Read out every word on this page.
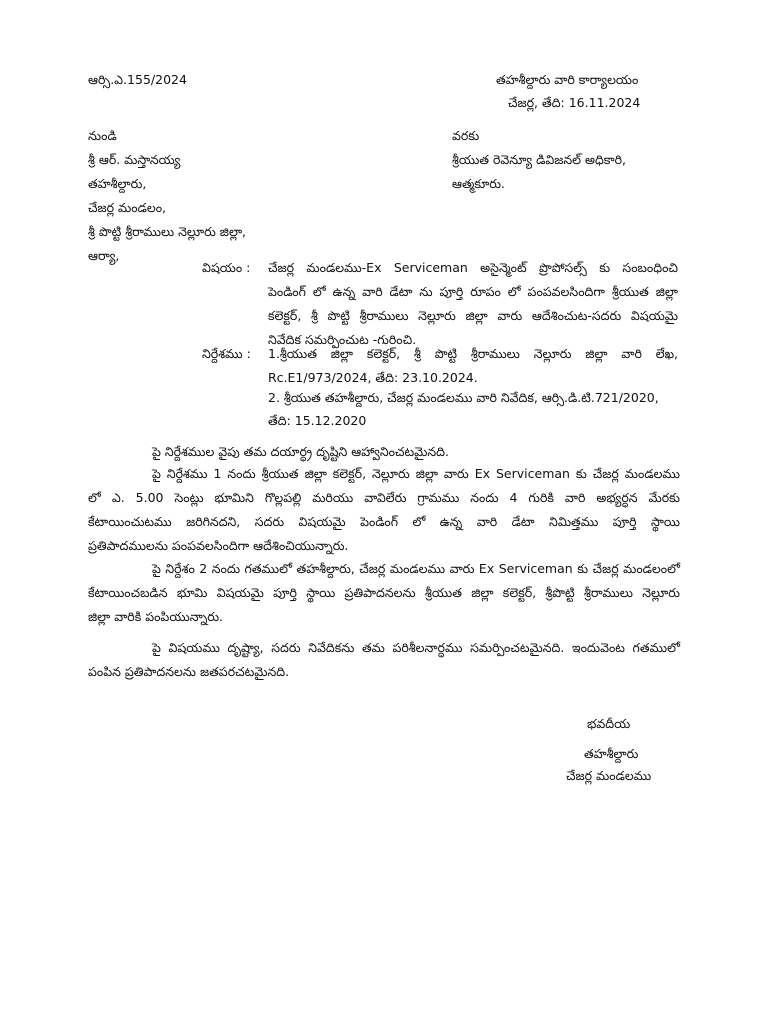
ఆర్సి.ఎ.155/2024	తహశీల్దారు వారి కార్యాలయం
చేజర్ల, తేది: 16.11.2024
నుండి
శ్రీ ఆర్. మస్తానయ్య
తహశీల్దారు,
చేజర్ల మండలం,
శ్రీ పొట్టి శ్రీరాములు నెల్లూరు జిల్లా,
ఆర్యా,
వరకు
శ్రీయుత రెవెన్యూ డివిజనల్ అధికారి,
ఆత్మకూరు.
విషయం : చేజర్ల మండలము-Ex Serviceman అసైన్మెంట్ ప్రొపోసల్స్ కు సంబంధించి
పెండింగ్ లో ఉన్న వారి డేటా ను పూర్తి రూపం లో పంపవలసిందిగా శ్రీయుత జిల్లా
కలెక్టర్, శ్రీ పొట్టి శ్రీరాములు నెల్లూరు జిల్లా వారు ఆదేశించుట-సదరు విషయమై
నివేదిక సమర్పించుట -గురించి.
నిర్దేశము : 1.శ్రీయుత జిల్లా కలెక్టర్, శ్రీ పొట్టి శ్రీరాములు నెల్లూరు జిల్లా వారి లేఖ,
Rc.E1/973/2024, తేది: 23.10.2024.
2. శ్రీయుత తహశీల్దారు, చేజర్ల మండలము వారి నివేదిక, ఆర్సి.డి.టి.721/2020,
తేది: 15.12.2020
పై నిర్దేశముల వైపు తమ దయార్ధ్ర దృష్టిని ఆహ్వానించటమైనది.
పై నిర్దేశము 1 నందు శ్రీయుత జిల్లా కలెక్టర్, నెల్లూరు జిల్లా వారు Ex Serviceman కు చేజర్ల మండలము
లో ఎ. 5.00 సెంట్లు భూమిని గొల్లపల్లి మరియు వావిలేరు గ్రామము నందు 4 గురికి వారి అభ్యర్ధన మేరకు
కేటాయించుటము జరిగినదని, సదరు విషయమై పెండింగ్ లో ఉన్న వారి డేటా నిమిత్తము పూర్తి స్థాయి
ప్రతిపాదములను పంపవలసిందిగా ఆదేశించియున్నారు.
పై నిర్దేశం 2 నందు గతములో తహశీల్దారు, చేజర్ల మండలము వారు Ex Serviceman కు చేజర్ల మండలంలో
కేటాయించబడిన భూమి విషయమై పూర్తి స్థాయి ప్రతిపాదనలను శ్రీయుత జిల్లా కలెక్టర్, శ్రీపొట్టి శ్రీరాములు నెల్లూరు
జిల్లా వారికి పంపియున్నారు.
పై విషయము దృష్ట్యా, సదరు నివేదికను తమ పరిశీలనార్ధము సమర్పించటమైనది. ఇందువెంట గతములో
పంపిన ప్రతిపాదనలను జతపరచటమైనది.
భవదీయ
తహశీల్దారు
చేజర్ల మండలము
